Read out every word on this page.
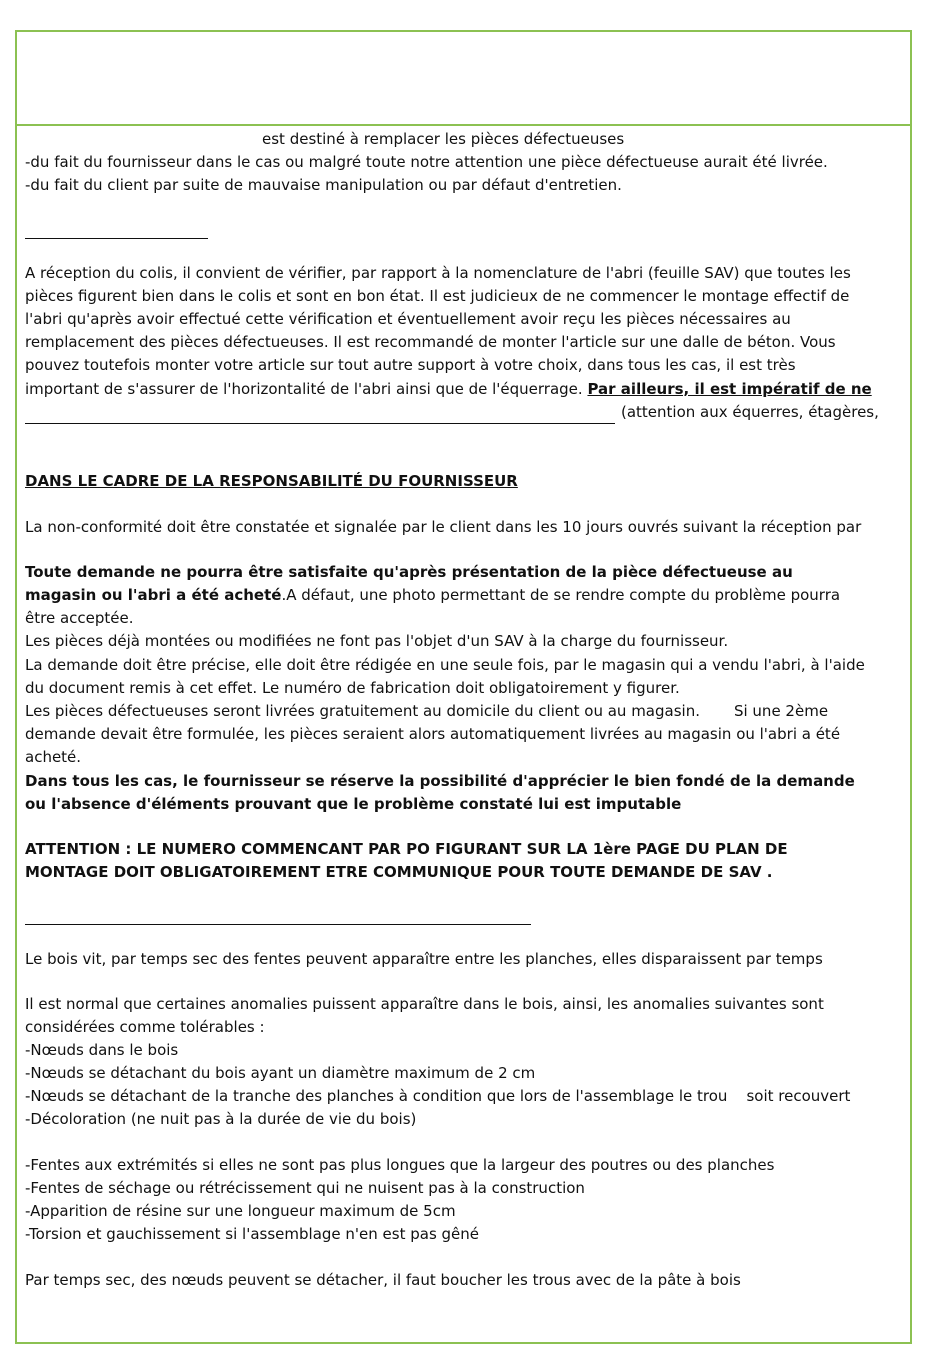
est destiné à remplacer les pièces défectueuses
-du fait du fournisseur dans le cas ou malgré toute notre attention une pièce défectueuse aurait été livrée.
-du fait du client par suite de mauvaise manipulation ou par défaut d'entretien.
A réception du colis, il convient de vérifier, par rapport à la nomenclature de l'abri (feuille SAV) que toutes les
pièces figurent bien dans le colis et sont en bon état. Il est judicieux de ne commencer le montage effectif de
l'abri qu'après avoir effectué cette vérification et éventuellement avoir reçu les pièces nécessaires au
remplacement des pièces défectueuses. Il est recommandé de monter l'article sur une dalle de béton. Vous
pouvez toutefois monter votre article sur tout autre support à votre choix, dans tous les cas, il est très
important de s'assurer de l'horizontalité de l'abri ainsi que de l'équerrage. Par ailleurs, il est impératif de ne
(attention aux équerres, étagères,
DANS LE CADRE DE LA RESPONSABILITÉ DU FOURNISSEUR
La non-conformité doit être constatée et signalée par le client dans les 10 jours ouvrés suivant la réception par
Toute demande ne pourra être satisfaite qu'après présentation de la pièce défectueuse au
magasin ou l'abri a été acheté.A défaut, une photo permettant de se rendre compte du problème pourra
être acceptée.
Les pièces déjà montées ou modifiées ne font pas l'objet d'un SAV à la charge du fournisseur.
La demande doit être précise, elle doit être rédigée en une seule fois, par le magasin qui a vendu l'abri, à l'aide
du document remis à cet effet. Le numéro de fabrication doit obligatoirement y figurer.
Les pièces défectueuses seront livrées gratuitement au domicile du client ou au magasin. Si une 2ème
demande devait être formulée, les pièces seraient alors automatiquement livrées au magasin ou l'abri a été
acheté.
Dans tous les cas, le fournisseur se réserve la possibilité d'apprécier le bien fondé de la demande
ou l'absence d'éléments prouvant que le problème constaté lui est imputable
ATTENTION : LE NUMERO COMMENCANT PAR PO FIGURANT SUR LA 1ère PAGE DU PLAN DE
MONTAGE DOIT OBLIGATOIREMENT ETRE COMMUNIQUE POUR TOUTE DEMANDE DE SAV .
Le bois vit, par temps sec des fentes peuvent apparaître entre les planches, elles disparaissent par temps
Il est normal que certaines anomalies puissent apparaître dans le bois, ainsi, les anomalies suivantes sont
considérées comme tolérables :
-Nœuds dans le bois
-Nœuds se détachant du bois ayant un diamètre maximum de 2 cm
-Nœuds se détachant de la tranche des planches à condition que lors de l'assemblage le trou    soit recouvert
-Décoloration (ne nuit pas à la durée de vie du bois)
-Fentes aux extrémités si elles ne sont pas plus longues que la largeur des poutres ou des planches
-Fentes de séchage ou rétrécissement qui ne nuisent pas à la construction
-Apparition de résine sur une longueur maximum de 5cm
-Torsion et gauchissement si l'assemblage n'en est pas gêné
Par temps sec, des nœuds peuvent se détacher, il faut boucher les trous avec de la pâte à bois
